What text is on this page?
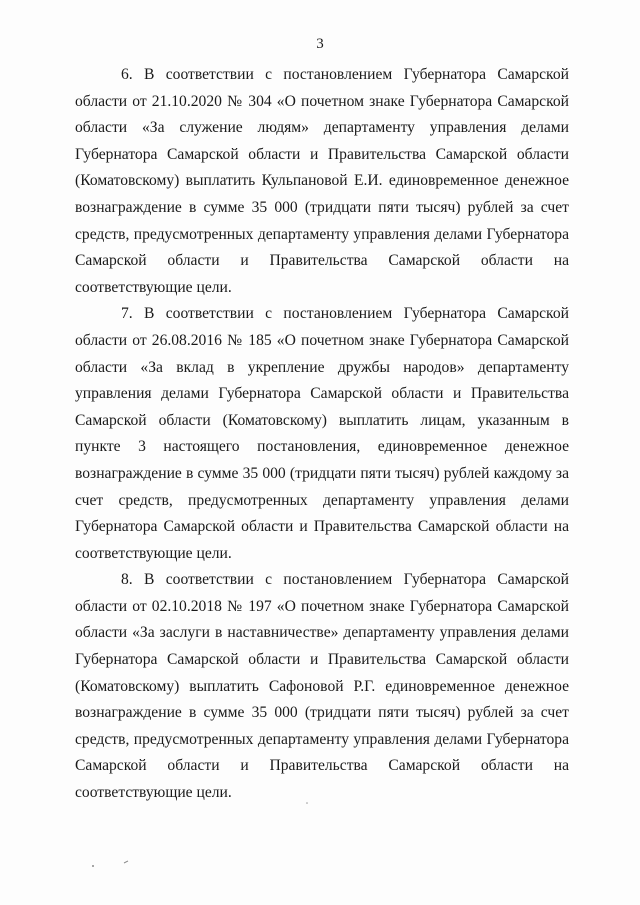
3

6. В соответствии с постановлением Губернатора Самарской области от 21.10.2020 № 304 «О почетном знаке Губернатора Самарской области «За служение людям» департаменту управления делами Губернатора Самарской области и Правительства Самарской области (Коматовскому) выплатить Кульпановой Е.И. единовременное денежное вознаграждение в сумме 35 000 (тридцати пяти тысяч) рублей за счет средств, предусмотренных департаменту управления делами Губернатора Самарской области и Правительства Самарской области на соответствующие цели.

7. В соответствии с постановлением Губернатора Самарской области от 26.08.2016 № 185 «О почетном знаке Губернатора Самарской области «За вклад в укрепление дружбы народов» департаменту управления делами Губернатора Самарской области и Правительства Самарской области (Коматовскому) выплатить лицам, указанным в пункте 3 настоящего постановления, единовременное денежное вознаграждение в сумме 35 000 (тридцати пяти тысяч) рублей каждому за счет средств, предусмотренных департаменту управления делами Губернатора Самарской области и Правительства Самарской области на соответствующие цели.

8. В соответствии с постановлением Губернатора Самарской области от 02.10.2018 № 197 «О почетном знаке Губернатора Самарской области «За заслуги в наставничестве» департаменту управления делами Губернатора Самарской области и Правительства Самарской области (Коматовскому) выплатить Сафоновой Р.Г. единовременное денежное вознаграждение в сумме 35 000 (тридцати пяти тысяч) рублей за счет средств, предусмотренных департаменту управления делами Губернатора Самарской области и Правительства Самарской области на соответствующие цели.
